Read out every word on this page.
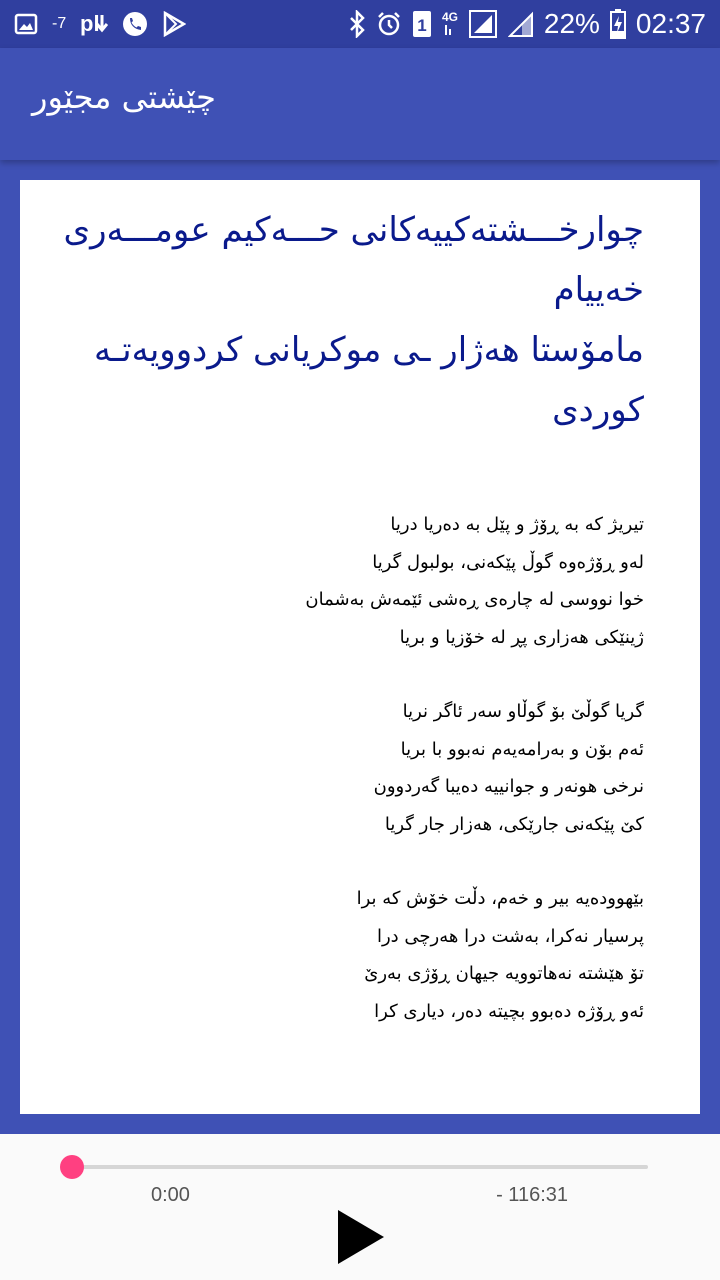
-7 pl	1 4G	22% 02:37
چێشتی مجێور
چوارخـــشتەکییەکانی حـــەکیم عومـــەری
خەییام
مامۆستا هەژار ـی موکریانی کردوویەتـە
کوردی
تیریژ کە بە ڕۆژ و پێل بە دەریا دریا
لەو ڕۆژەوە گوڵ پێکەنی، بولبول گریا
خوا نووسی لە چارەی ڕەشی ئێمەش بەشمان
ژینێکی هەزاری پڕ لە خۆزیا و بریا
گریا گوڵێ بۆ گوڵاو سەر ئاگر نریا
ئەم بۆن و بەرامەیەم نەبوو با بریا
نرخی هونەر و جوانییە دەیبا گەردوون
کێ پێکەنی جارێکی، هەزار جار گریا
بێهوودەیە بیر و خەم، دڵت خۆش کە برا
پرسیار نەکرا، بەشت درا هەرچی درا
تۆ هێشتە نەهاتوویە جیهان ڕۆژی بەرێ
ئەو ڕۆژە دەبوو بچیتە دەر، دیاری کرا
0:00	- 116:31
